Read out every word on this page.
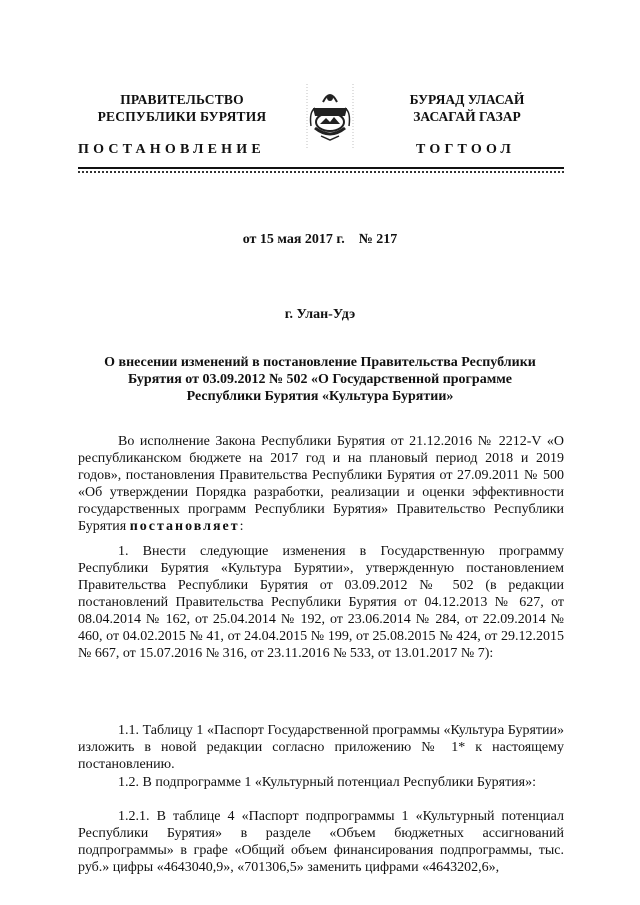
ПРАВИТЕЛЬСТВО
РЕСПУБЛИКИ БУРЯТИЯ
БУРЯАД УЛАСАЙ
ЗАСАГАЙ ГАЗАР
ПОСТАНОВЛЕНИЕ	ТОГТООЛ
от 15 мая 2017 г. № 217
г. Улан-Удэ
О внесении изменений в постановление Правительства Республики Бурятия от 03.09.2012 № 502 «О Государственной программе Республики Бурятия «Культура Бурятии»
Во исполнение Закона Республики Бурятия от 21.12.2016 № 2212-V «О республиканском бюджете на 2017 год и на плановый период 2018 и 2019 годов», постановления Правительства Республики Бурятия от 27.09.2011 № 500 «Об утверждении Порядка разработки, реализации и оценки эффективности государственных программ Республики Бурятия» Правительство Республики Бурятия постановляет:
1. Внести следующие изменения в Государственную программу Республики Бурятия «Культура Бурятии», утвержденную постановлением Правительства Республики Бурятия от 03.09.2012 № 502 (в редакции постановлений Правительства Республики Бурятия от 04.12.2013 № 627, от 08.04.2014 № 162, от 25.04.2014 № 192, от 23.06.2014 № 284, от 22.09.2014 № 460, от 04.02.2015 № 41, от 24.04.2015 № 199, от 25.08.2015 № 424, от 29.12.2015 № 667, от 15.07.2016 № 316, от 23.11.2016 № 533, от 13.01.2017 № 7):
1.1. Таблицу 1 «Паспорт Государственной программы «Культура Бурятии» изложить в новой редакции согласно приложению № 1* к настоящему постановлению.
1.2. В подпрограмме 1 «Культурный потенциал Республики Бурятия»:
1.2.1. В таблице 4 «Паспорт подпрограммы 1 «Культурный потенциал Республики Бурятия» в разделе «Объем бюджетных ассигнований подпрограммы» в графе «Общий объем финансирования подпрограммы, тыс. руб.» цифры «4643040,9», «701306,5» заменить цифрами «4643202,6»,
